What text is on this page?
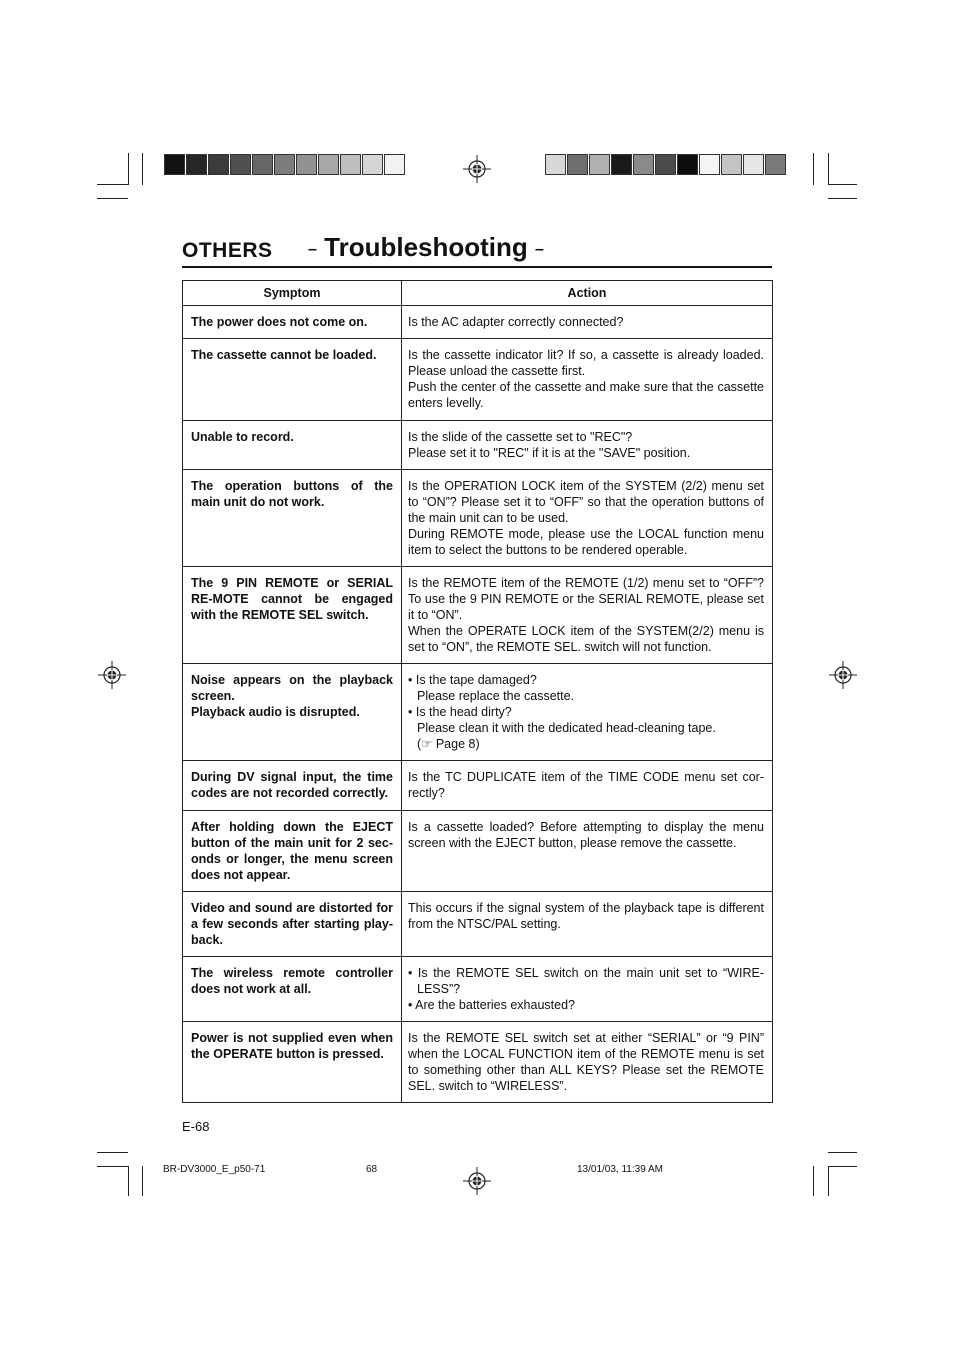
OTHERS – Troubleshooting –
Symptom	Action

The power does not come on.	Is the AC adapter correctly connected?

The cassette cannot be loaded.	Is the cassette indicator lit? If so, a cassette is already loaded. Please unload the cassette first.
Push the center of the cassette and make sure that the cassette enters levelly.

Unable to record.	Is the slide of the cassette set to "REC"?
Please set it to "REC" if it is at the "SAVE" position.

The operation buttons of the main unit do not work.	Is the OPERATION LOCK item of the SYSTEM (2/2) menu set to “ON”? Please set it to “OFF” so that the operation buttons of the main unit can to be used.
During REMOTE mode, please use the LOCAL function menu item to select the buttons to be rendered operable.

The 9 PIN REMOTE or SERIAL RE-MOTE cannot be engaged with the REMOTE SEL switch.	Is the REMOTE item of the REMOTE (1/2) menu set to “OFF”? To use the 9 PIN REMOTE or the SERIAL REMOTE, please set it to “ON”.
When the OPERATE LOCK item of the SYSTEM(2/2) menu is set to “ON”, the REMOTE SEL. switch will not function.

Noise appears on the playback screen.
Playback audio is disrupted.	• Is the tape damaged?
Please replace the cassette.
• Is the head dirty?
Please clean it with the dedicated head-cleaning tape.
(☞ Page 8)

During DV signal input, the time codes are not recorded correctly.	Is the TC DUPLICATE item of the TIME CODE menu set cor-rectly?

After holding down the EJECT button of the main unit for 2 sec-onds or longer, the menu screen does not appear.	Is a cassette loaded? Before attempting to display the menu screen with the EJECT button, please remove the cassette.

Video and sound are distorted for a few seconds after starting play-back.	This occurs if the signal system of the playback tape is different from the NTSC/PAL setting.

The wireless remote controller does not work at all.	• Is the REMOTE SEL switch on the main unit set to “WIRE-LESS”?
• Are the batteries exhausted?

Power is not supplied even when the OPERATE button is pressed.	Is the REMOTE SEL switch set at either “SERIAL” or “9 PIN” when the LOCAL FUNCTION item of the REMOTE menu is set to something other than ALL KEYS? Please set the REMOTE SEL. switch to “WIRELESS”.
E-68
BR-DV3000_E_p50-71	68	13/01/03, 11:39 AM
